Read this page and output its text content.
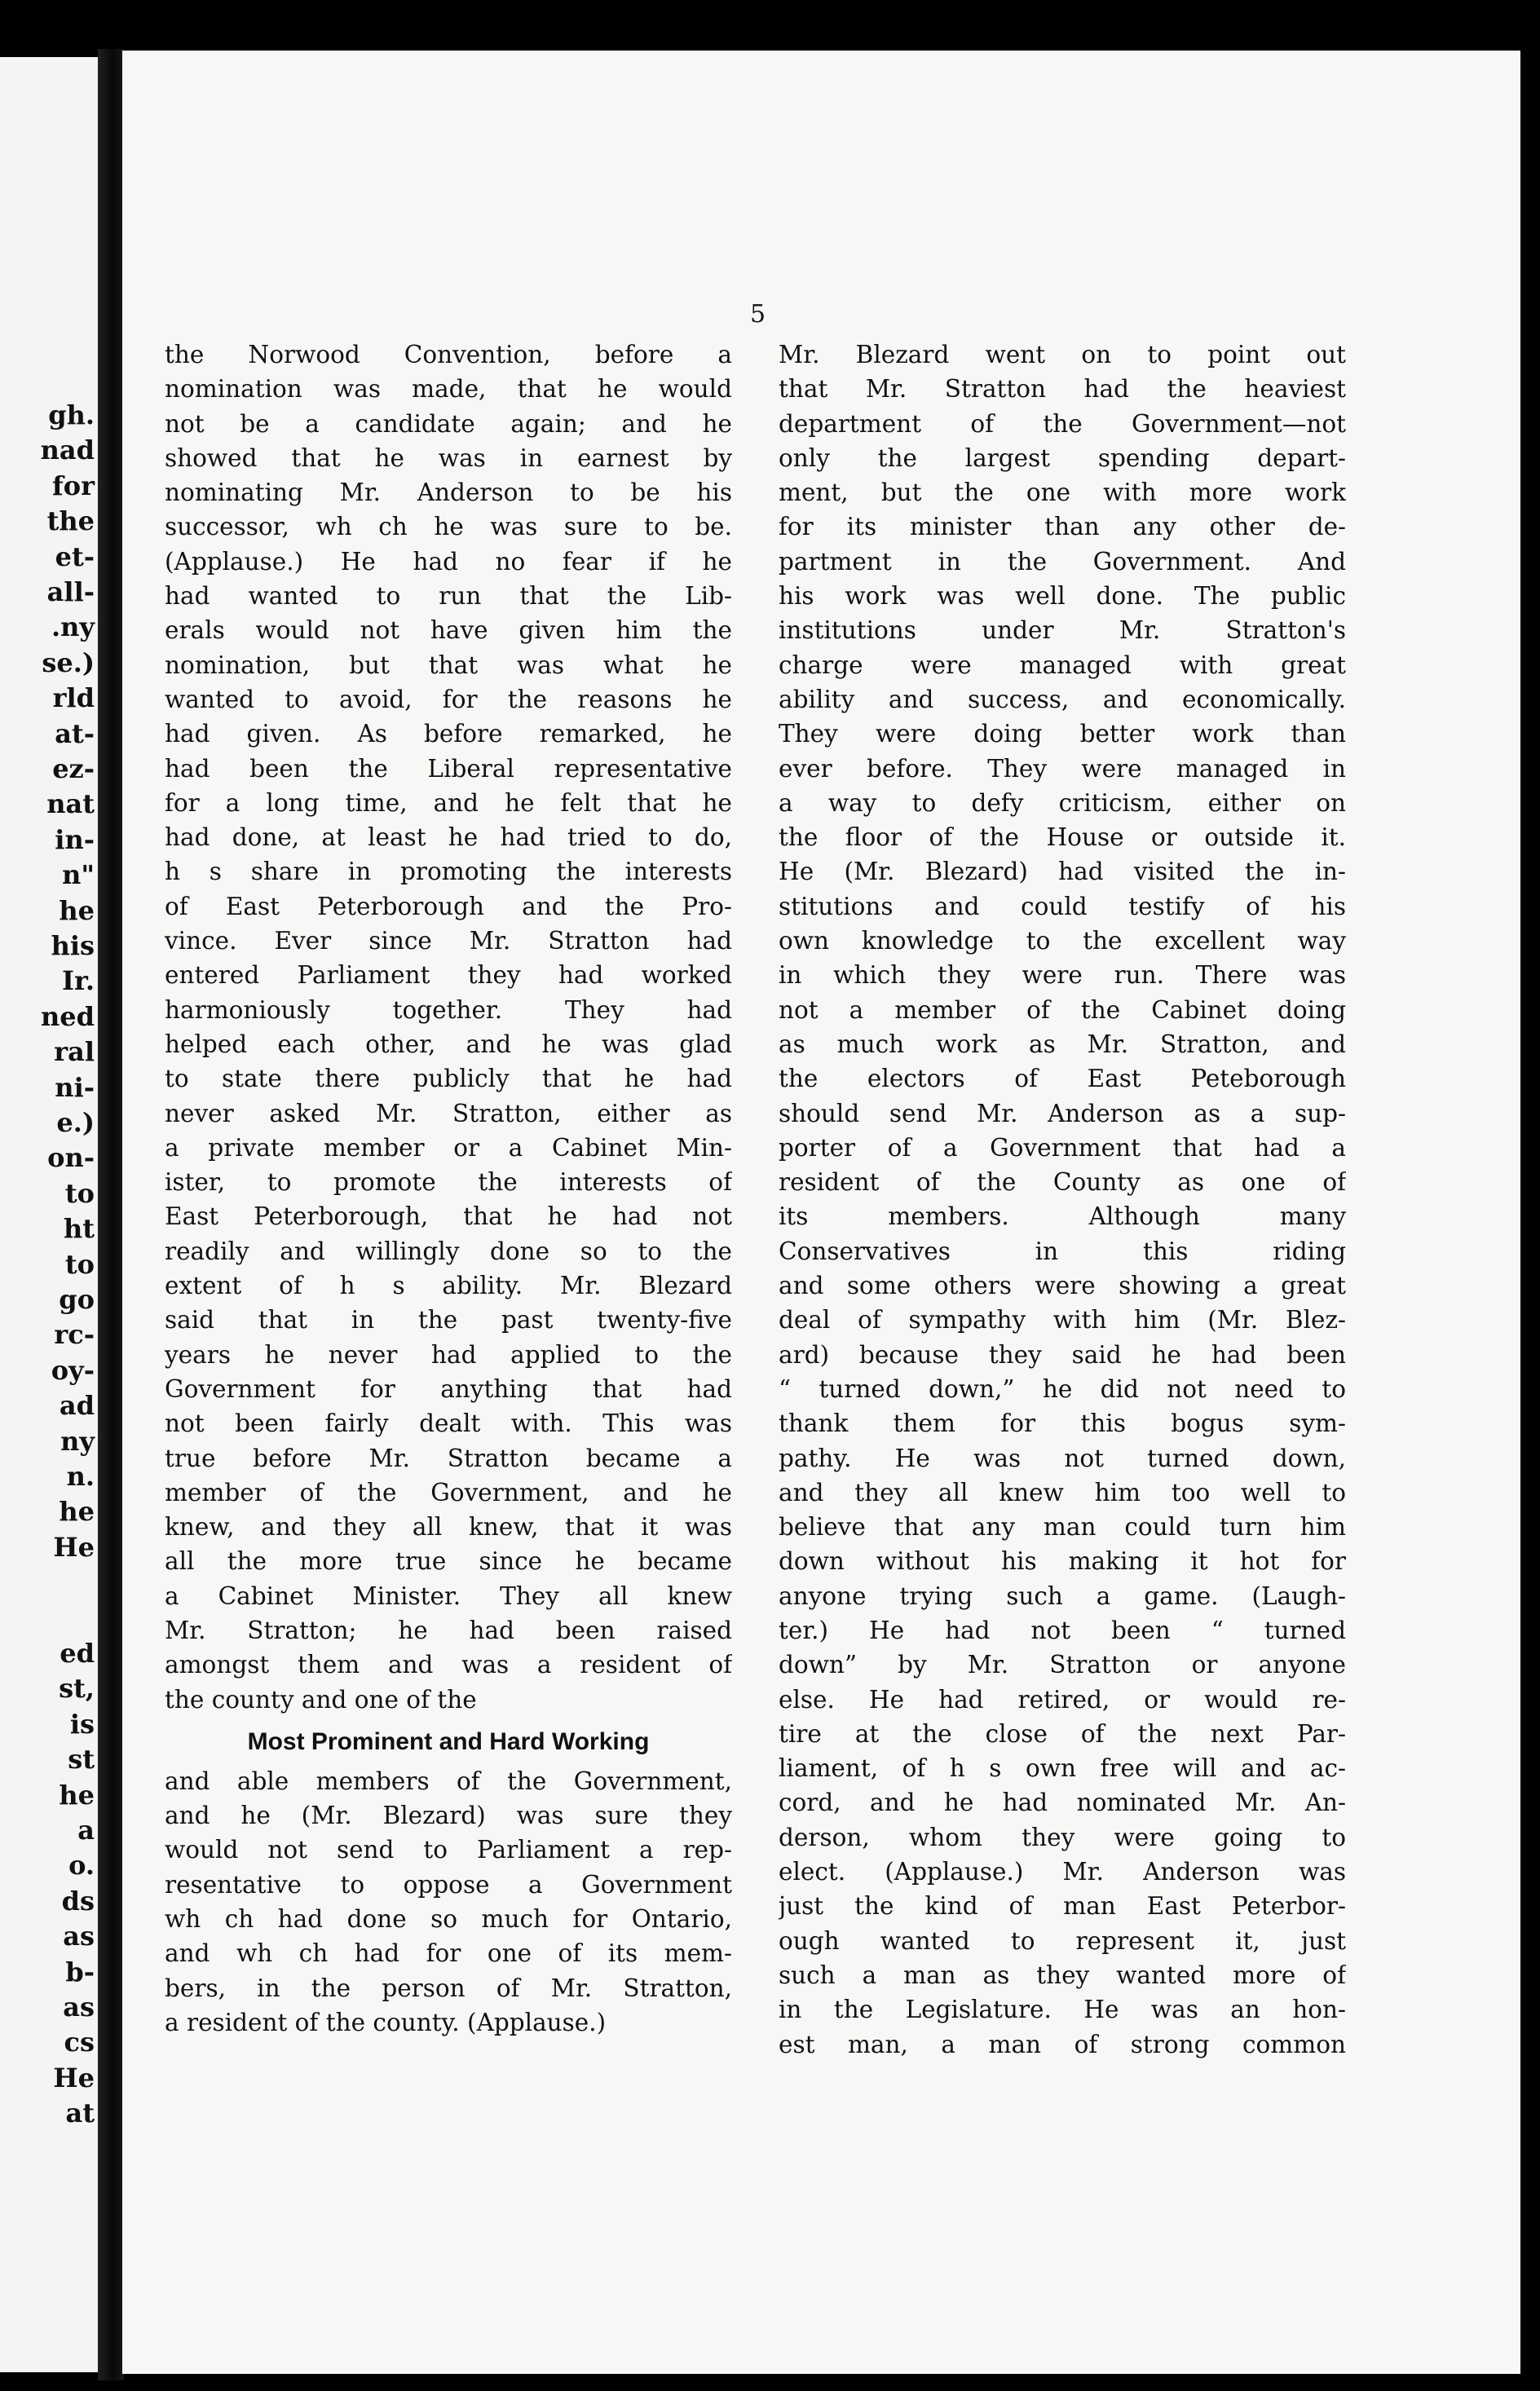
gh.
nad
for
the
et-
all-
.ny
se.)
rld
at-
ez-
nat
in-
n"
he
his
Ir.
ned
ral
ni-
e.)
on-
to
ht
to
go
rc-
oy-
ad
ny
n.
he
He
ed
st,
is
st
he
a
o.
ds
as
b-
as
cs
He
at
5
the Norwood Convention, before a
nomination was made, that he would
not be a candidate again; and he
showed that he was in earnest by
nominating Mr. Anderson to be his
successor, wh ch he was sure to be.
(Applause.) He had no fear if he
had wanted to run that the Lib-
erals would not have given him the
nomination, but that was what he
wanted to avoid, for the reasons he
had given. As before remarked, he
had been the Liberal representative
for a long time, and he felt that he
had done, at least he had tried to do,
h s share in promoting the interests
of East Peterborough and the Pro-
vince. Ever since Mr. Stratton had
entered Parliament they had worked
harmoniously together. They had
helped each other, and he was glad
to state there publicly that he had
never asked Mr. Stratton, either as
a private member or a Cabinet Min-
ister, to promote the interests of
East Peterborough, that he had not
readily and willingly done so to the
extent of h s ability. Mr. Blezard
said that in the past twenty-five
years he never had applied to the
Government for anything that had
not been fairly dealt with. This was
true before Mr. Stratton became a
member of the Government, and he
knew, and they all knew, that it was
all the more true since he became
a Cabinet Minister. They all knew
Mr. Stratton; he had been raised
amongst them and was a resident of
the county and one of the
Most Prominent and Hard Working
and able members of the Government,
and he (Mr. Blezard) was sure they
would not send to Parliament a rep-
resentative to oppose a Government
wh ch had done so much for Ontario,
and wh ch had for one of its mem-
bers, in the person of Mr. Stratton,
a resident of the county. (Applause.)
Mr. Blezard went on to point out
that Mr. Stratton had the heaviest
department of the Government—not
only the largest spending depart-
ment, but the one with more work
for its minister than any other de-
partment in the Government. And
his work was well done. The public
institutions under Mr. Stratton's
charge were managed with great
ability and success, and economically.
They were doing better work than
ever before. They were managed in
a way to defy criticism, either on
the floor of the House or outside it.
He (Mr. Blezard) had visited the in-
stitutions and could testify of his
own knowledge to the excellent way
in which they were run. There was
not a member of the Cabinet doing
as much work as Mr. Stratton, and
the electors of East Peteborough
should send Mr. Anderson as a sup-
porter of a Government that had a
resident of the County as one of
its members. Although many
Conservatives in this riding
and some others were showing a great
deal of sympathy with him (Mr. Blez-
ard) because they said he had been
“ turned down,” he did not need to
thank them for this bogus sym-
pathy. He was not turned down,
and they all knew him too well to
believe that any man could turn him
down without his making it hot for
anyone trying such a game. (Laugh-
ter.) He had not been “ turned
down” by Mr. Stratton or anyone
else. He had retired, or would re-
tire at the close of the next Par-
liament, of h s own free will and ac-
cord, and he had nominated Mr. An-
derson, whom they were going to
elect. (Applause.) Mr. Anderson was
just the kind of man East Peterbor-
ough wanted to represent it, just
such a man as they wanted more of
in the Legislature. He was an hon-
est man, a man of strong common
